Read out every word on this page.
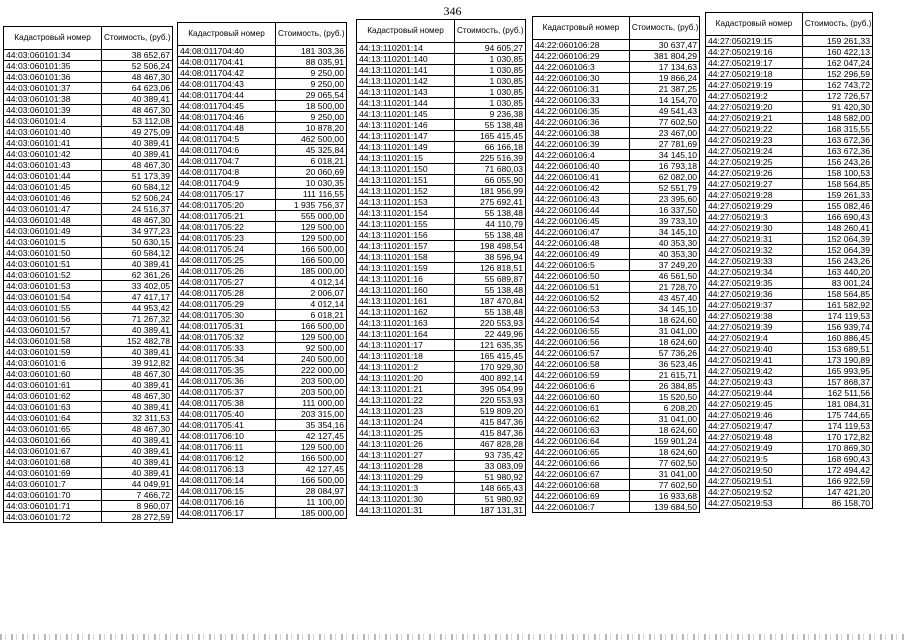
346
Кадастровый номер	Стоимость, (руб.)
44:03:060101:34	38 652,67
44:03:060101:35	52 506,24
44:03:060101:36	48 467,30
44:03:060101:37	64 623,06
44:03:060101:38	40 389,41
44:03:060101:39	48 467,30
44:03:060101:4	53 112,08
44:03:060101:40	49 275,09
44:03:060101:41	40 389,41
44:03:060101:42	40 389,41
44:03:060101:43	48 467,30
44:03:060101:44	51 173,39
44:03:060101:45	60 584,12
44:03:060101:46	52 506,24
44:03:060101:47	24 516,37
44:03:060101:48	48 467,30
44:03:060101:49	34 977,23
44:03:060101:5	50 630,15
44:03:060101:50	60 584,12
44:03:060101:51	40 389,41
44:03:060101:52	62 361,26
44:03:060101:53	33 402,05
44:03:060101:54	47 417,17
44:03:060101:55	44 953,42
44:03:060101:56	71 267,32
44:03:060101:57	40 389,41
44:03:060101:58	152 482,78
44:03:060101:59	40 389,41
44:03:060101:6	39 912,82
44:03:060101:60	48 467,30
44:03:060101:61	40 389,41
44:03:060101:62	48 467,30
44:03:060101:63	40 389,41
44:03:060101:64	32 311,53
44:03:060101:65	48 467,30
44:03:060101:66	40 389,41
44:03:060101:67	40 389,41
44:03:060101:68	40 389,41
44:03:060101:69	40 389,41
44:03:060101:7	44 049,91
44:03:060101:70	7 466,72
44:03:060101:71	8 960,07
44:03:060101:72	28 272,59
Кадастровый номер	Стоимость, (руб.)
44:08:011704:40	181 303,36
44:08:011704:41	88 035,91
44:08:011704:42	9 250,00
44:08:011704:43	9 250,00
44:08:011704:44	29 065,54
44:08:011704:45	18 500,00
44:08:011704:46	9 250,00
44:08:011704:48	10 878,20
44:08:011704:5	462 500,00
44:08:011704:6	45 325,84
44:08:011704:7	6 018,21
44:08:011704:8	20 060,69
44:08:011704:9	10 030,35
44:08:011705:17	111 116,55
44:08:011705:20	1 935 756,37
44:08:011705:21	555 000,00
44:08:011705:22	129 500,00
44:08:011705:23	129 500,00
44:08:011705:24	166 500,00
44:08:011705:25	166 500,00
44:08:011705:26	185 000,00
44:08:011705:27	4 012,14
44:08:011705:28	2 006,07
44:08:011705:29	4 012,14
44:08:011705:30	6 018,21
44:08:011705:31	166 500,00
44:08:011705:32	129 500,00
44:08:011705:33	92 500,00
44:08:011705:34	240 500,00
44:08:011705:35	222 000,00
44:08:011705:36	203 500,00
44:08:011705:37	203 500,00
44:08:011705:38	111 000,00
44:08:011705:40	203 315,00
44:08:011705:41	35 354,16
44:08:011706:10	42 127,45
44:08:011706:11	129 500,00
44:08:011706:12	166 500,00
44:08:011706:13	42 127,45
44:08:011706:14	166 500,00
44:08:011706:15	28 084,97
44:08:011706:16	11 100,00
44:08:011706:17	185 000,00
Кадастровый номер	Стоимость, (руб.)
44:13:110201:14	94 605,27
44:13:110201:140	1 030,85
44:13:110201:141	1 030,85
44:13:110201:142	1 030,85
44:13:110201:143	1 030,85
44:13:110201:144	1 030,85
44:13:110201:145	9 236,38
44:13:110201:146	55 138,48
44:13:110201:147	165 415,45
44:13:110201:149	66 166,18
44:13:110201:15	225 516,39
44:13:110201:150	71 680,03
44:13:110201:151	66 055,90
44:13:110201:152	181 956,99
44:13:110201:153	275 692,41
44:13:110201:154	55 138,48
44:13:110201:155	44 110,79
44:13:110201:156	55 138,48
44:13:110201:157	198 498,54
44:13:110201:158	38 596,94
44:13:110201:159	126 818,51
44:13:110201:16	55 689,87
44:13:110201:160	55 138,48
44:13:110201:161	187 470,84
44:13:110201:162	55 138,48
44:13:110201:163	220 553,93
44:13:110201:164	22 449,96
44:13:110201:17	121 635,35
44:13:110201:18	165 415,45
44:13:110201:2	170 929,30
44:13:110201:20	400 892,14
44:13:110201:21	395 054,99
44:13:110201:22	220 553,93
44:13:110201:23	519 809,20
44:13:110201:24	415 847,36
44:13:110201:25	415 847,36
44:13:110201:26	467 828,28
44:13:110201:27	93 735,42
44:13:110201:28	33 083,09
44:13:110201:29	51 980,92
44:13:110201:3	148 665,43
44:13:110201:30	51 980,92
44:13:110201:31	187 131,31
Кадастровый номер	Стоимость, (руб.)
44:22:060106:28	30 637,47
44:22:060106:29	381 804,29
44:22:060106:3	17 134,63
44:22:060106:30	19 866,24
44:22:060106:31	21 387,25
44:22:060106:33	14 154,70
44:22:060106:35	49 541,43
44:22:060106:36	77 602,50
44:22:060106:38	23 467,00
44:22:060106:39	27 781,69
44:22:060106:4	34 145,10
44:22:060106:40	16 793,18
44:22:060106:41	62 082,00
44:22:060106:42	52 551,79
44:22:060106:43	23 395,60
44:22:060106:44	16 337,50
44:22:060106:45	39 733,10
44:22:060106:47	34 145,10
44:22:060106:48	40 353,30
44:22:060106:49	40 353,30
44:22:060106:5	37 249,20
44:22:060106:50	46 561,50
44:22:060106:51	21 728,70
44:22:060106:52	43 457,40
44:22:060106:53	34 145,10
44:22:060106:54	18 624,60
44:22:060106:55	31 041,00
44:22:060106:56	18 624,60
44:22:060106:57	57 736,26
44:22:060106:58	36 523,46
44:22:060106:59	21 615,71
44:22:060106:6	26 384,85
44:22:060106:60	15 520,50
44:22:060106:61	6 208,20
44:22:060106:62	31 041,00
44:22:060106:63	18 624,60
44:22:060106:64	159 901,24
44:22:060106:65	18 624,60
44:22:060106:66	77 602,50
44:22:060106:67	31 041,00
44:22:060106:68	77 602,50
44:22:060106:69	16 933,68
44:22:060106:7	139 684,50
Кадастровый номер	Стоимость, (руб.)
44:27:050219:15	159 261,33
44:27:050219:16	160 422,13
44:27:050219:17	162 047,24
44:27:050219:18	152 296,59
44:27:050219:19	162 743,72
44:27:050219:2	172 726,57
44:27:050219:20	91 420,30
44:27:050219:21	148 582,00
44:27:050219:22	168 315,55
44:27:050219:23	163 672,36
44:27:050219:24	163 672,36
44:27:050219:25	156 243,26
44:27:050219:26	158 100,53
44:27:050219:27	158 564,85
44:27:050219:28	159 261,33
44:27:050219:29	155 082,46
44:27:050219:3	166 690,43
44:27:050219:30	148 260,41
44:27:050219:31	152 064,39
44:27:050219:32	152 064,39
44:27:050219:33	156 243,26
44:27:050219:34	163 440,20
44:27:050219:35	83 001,24
44:27:050219:36	158 564,85
44:27:050219:37	161 582,92
44:27:050219:38	174 119,53
44:27:050219:39	156 939,74
44:27:050219:4	160 886,45
44:27:050219:40	153 689,51
44:27:050219:41	173 190,89
44:27:050219:42	165 993,95
44:27:050219:43	157 868,37
44:27:050219:44	162 511,56
44:27:050219:45	181 084,31
44:27:050219:46	175 744,65
44:27:050219:47	174 119,53
44:27:050219:48	170 172,82
44:27:050219:49	170 869,30
44:27:050219:5	168 690,43
44:27:050219:50	172 494,42
44:27:050219:51	166 922,59
44:27:050219:52	147 421,20
44:27:050219:53	86 158,70
